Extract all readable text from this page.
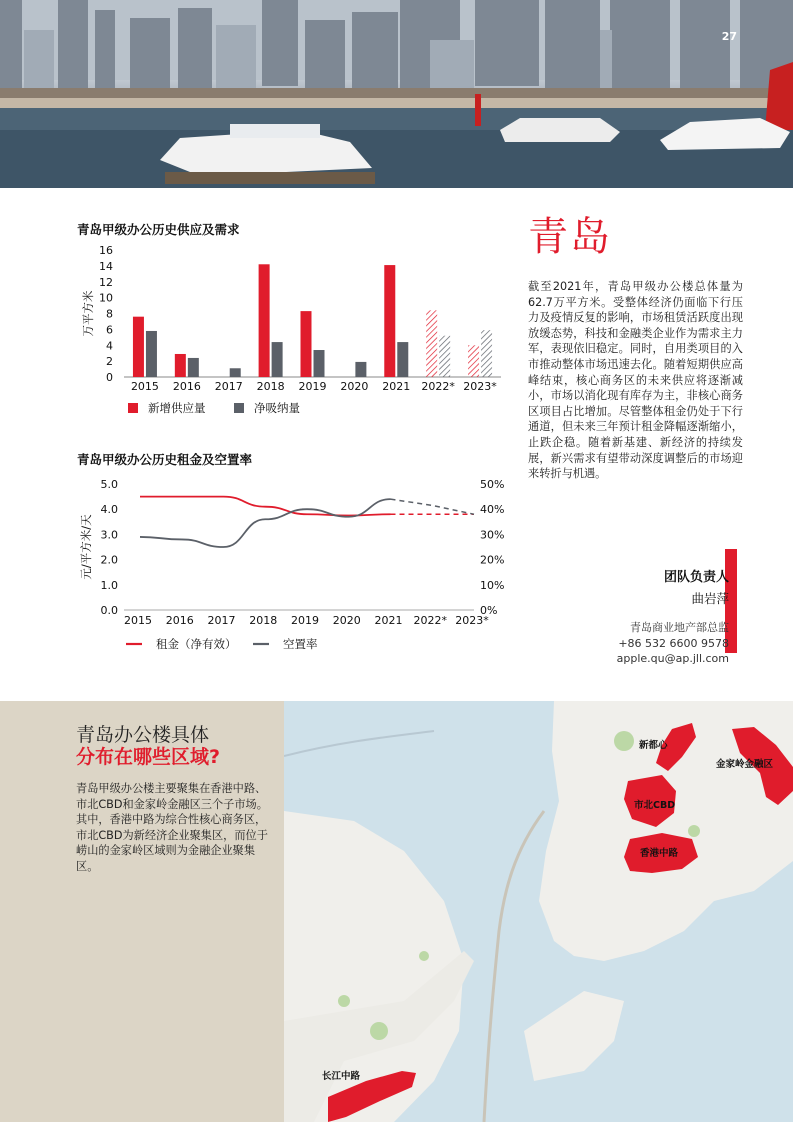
27
青岛甲级办公历史供应及需求
万平方米
0
2
4
6
8
10
12
14
16
2015 2016 2017 2018 2019 2020 2021 2022* 2023*
新增供应量	净吸纳量
青岛甲级办公历史租金及空置率
元/平方米/天
0.0
1.0
2.0
3.0
4.0
5.0
0%
10%
20%
30%
40%
50%
2015 2016 2017 2018 2019 2020 2021 2022* 2023*
租金（净有效）	空置率
青岛
截至2021年，青岛甲级办公楼总体量为62.7万平方米。受整体经济仍面临下行压力及疫情反复的影响，市场租赁活跃度出现放缓态势，科技和金融类企业作为需求主力军，表现依旧稳定。同时，自用类项目的入市推动整体市场迅速去化。随着短期供应高峰结束，核心商务区的未来供应将逐渐减小，市场以消化现有库存为主，非核心商务区项目占比增加。尽管整体租金仍处于下行通道，但未来三年预计租金降幅逐渐缩小，止跌企稳。随着新基建、新经济的持续发展，新兴需求有望带动深度调整后的市场迎来转折与机遇。
团队负责人
曲岩萍
青岛商业地产部总监
+86 532 6600 9578
apple.qu@ap.jll.com
青岛办公楼具体
分布在哪些区域?
青岛甲级办公楼主要聚集在香港中路、市北CBD和金家岭金融区三个子市场。其中，香港中路为综合性核心商务区，市北CBD为新经济企业聚集区，而位于崂山的金家岭区域则为金融企业聚集区。
新都心
金家岭金融区
市北CBD
香港中路
长江中路
